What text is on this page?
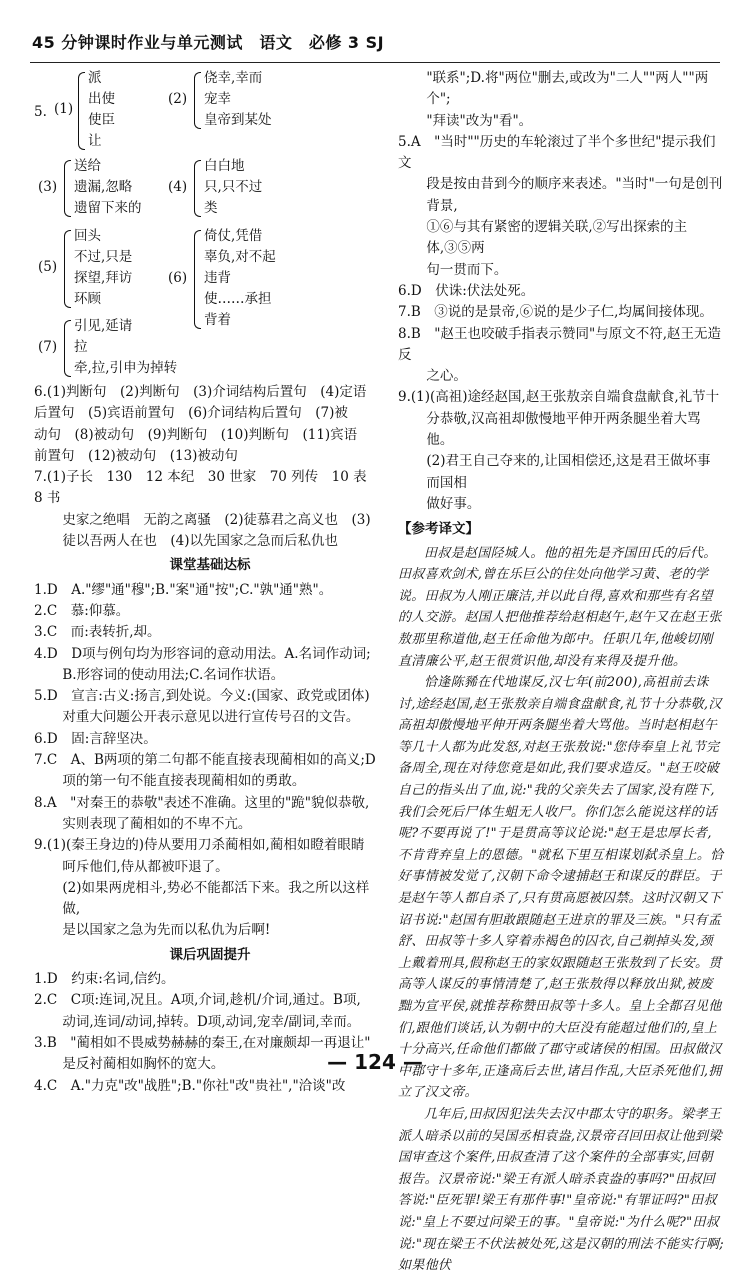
45 分钟课时作业与单元测试　语文　必修 3 SJ
5. (1)
派
出使
使臣
让
(2)
侥幸,幸而
宠幸
皇帝到某处
(3)
送给
遗漏,忽略
遗留下来的
(4)
白白地
只,只不过
类
(5)
回头
不过,只是
探望,拜访
环顾
(6)
倚仗,凭借
辜负,对不起
违背
使……承担
背着
(7)
引见,延请
拉
牵,拉,引申为掉转
6.(1)判断句　(2)判断句　(3)介词结构后置句　(4)定语
后置句　(5)宾语前置句　(6)介词结构后置句　(7)被
动句　(8)被动句　(9)判断句　(10)判断句　(11)宾语
前置句　(12)被动句　(13)被动句
7.(1)子长　130　12 本纪　30 世家　70 列传　10 表　8 书
史家之绝唱　无韵之离骚　(2)徒慕君之高义也　(3)
徒以吾两人在也　(4)以先国家之急而后私仇也
课堂基础达标
1.D　A."缪"通"穆";B."案"通"按";C."孰"通"熟"。
2.C　慕:仰慕。
3.C　而:表转折,却。
4.D　D项与例句均为形容词的意动用法。A.名词作动词;
B.形容词的使动用法;C.名词作状语。
5.D　宣言:古义:扬言,到处说。今义:(国家、政党或团体)
对重大问题公开表示意见以进行宣传号召的文告。
6.D　固:言辞坚决。
7.C　A、B两项的第二句都不能直接表现蔺相如的高义;D
项的第一句不能直接表现蔺相如的勇敢。
8.A　"对秦王的恭敬"表述不准确。这里的"跪"貌似恭敬,
实则表现了蔺相如的不卑不亢。
9.(1)(秦王身边的)侍从要用刀杀蔺相如,蔺相如瞪着眼睛
呵斥他们,侍从都被吓退了。
(2)如果两虎相斗,势必不能都活下来。我之所以这样做,
是以国家之急为先而以私仇为后啊!
课后巩固提升
1.D　约束:名词,信约。
2.C　C项:连词,况且。A项,介词,趁机/介词,通过。B项,
动词,连词/动词,掉转。D项,动词,宠幸/副词,幸而。
3.B　"蔺相如不畏威势赫赫的秦王,在对廉颇却一再退让"
是反衬蔺相如胸怀的宽大。
4.C　A."力克"改"战胜";B."你社"改"贵社","洽谈"改
"联系";D.将"两位"删去,或改为"二人""两人""两个";
"拜读"改为"看"。
5.A　"当时""历史的车轮滚过了半个多世纪"提示我们文
段是按由昔到今的顺序来表述。"当时"一句是创刊背景,
①⑥与其有紧密的逻辑关联,②写出探索的主体,③⑤两
句一贯而下。
6.D　伏诛:伏法处死。
7.B　③说的是景帝,⑥说的是少子仁,均属间接体现。
8.B　"赵王也咬破手指表示赞同"与原文不符,赵王无造反
之心。
9.(1)(高祖)途经赵国,赵王张敖亲自端食盘献食,礼节十
分恭敬,汉高祖却傲慢地平伸开两条腿坐着大骂他。
(2)君王自己夺来的,让国相偿还,这是君王做坏事而国相
做好事。
【参考译文】

田叔是赵国陉城人。他的祖先是齐国田氏的后代。田叔喜欢剑术,曾在乐巨公的住处向他学习黄、老的学说。田叔为人刚正廉洁,并以此自得,喜欢和那些有名望的人交游。赵国人把他推荐给赵相赵午,赵午又在赵王张敖那里称道他,赵王任命他为郎中。任职几年,他峻切刚直清廉公平,赵王很赏识他,却没有来得及提升他。

恰逢陈豨在代地谋反,汉七年(前200),高祖前去诛讨,途经赵国,赵王张敖亲自端食盘献食,礼节十分恭敬,汉高祖却傲慢地平伸开两条腿坐着大骂他。当时赵相赵午等几十人都为此发怒,对赵王张敖说:"您侍奉皇上礼节完备周全,现在对待您竟是如此,我们要求造反。"赵王咬破自己的指头出了血,说:"我的父亲失去了国家,没有陛下,我们会死后尸体生蛆无人收尸。你们怎么能说这样的话呢?不要再说了!"于是贯高等议论说:"赵王是忠厚长者,不肯背弃皇上的恩德。"就私下里互相谋划弑杀皇上。恰好事情被发觉了,汉朝下命令逮捕赵王和谋反的群臣。于是赵午等人都自杀了,只有贯高愿被囚禁。这时汉朝又下诏书说:"赵国有胆敢跟随赵王进京的罪及三族。"只有孟舒、田叔等十多人穿着赤褐色的囚衣,自己剃掉头发,颈上戴着刑具,假称赵王的家奴跟随赵王张敖到了长安。贯高等人谋反的事情清楚了,赵王张敖得以释放出狱,被废黜为宣平侯,就推荐称赞田叔等十多人。皇上全都召见他们,跟他们谈话,认为朝中的大臣没有能超过他们的,皇上十分高兴,任命他们都做了郡守或诸侯的相国。田叔做汉中郡守十多年,正逢高后去世,诸吕作乱,大臣杀死他们,拥立了汉文帝。

几年后,田叔因犯法失去汉中郡太守的职务。梁孝王派人暗杀以前的吴国丞相袁盎,汉景帝召回田叔让他到梁国审查这个案件,田叔查清了这个案件的全部事实,回朝报告。汉景帝说:"梁王有派人暗杀袁盎的事吗?"田叔回答说:"臣死罪!梁王有那件事!"皇帝说:"有罪证吗?"田叔说:"皇上不要过问梁王的事。"皇帝说:"为什么呢?"田叔说:"现在梁王不伏法被处死,这是汉朝的刑法不能实行啊;如果他伏

— 124 —
